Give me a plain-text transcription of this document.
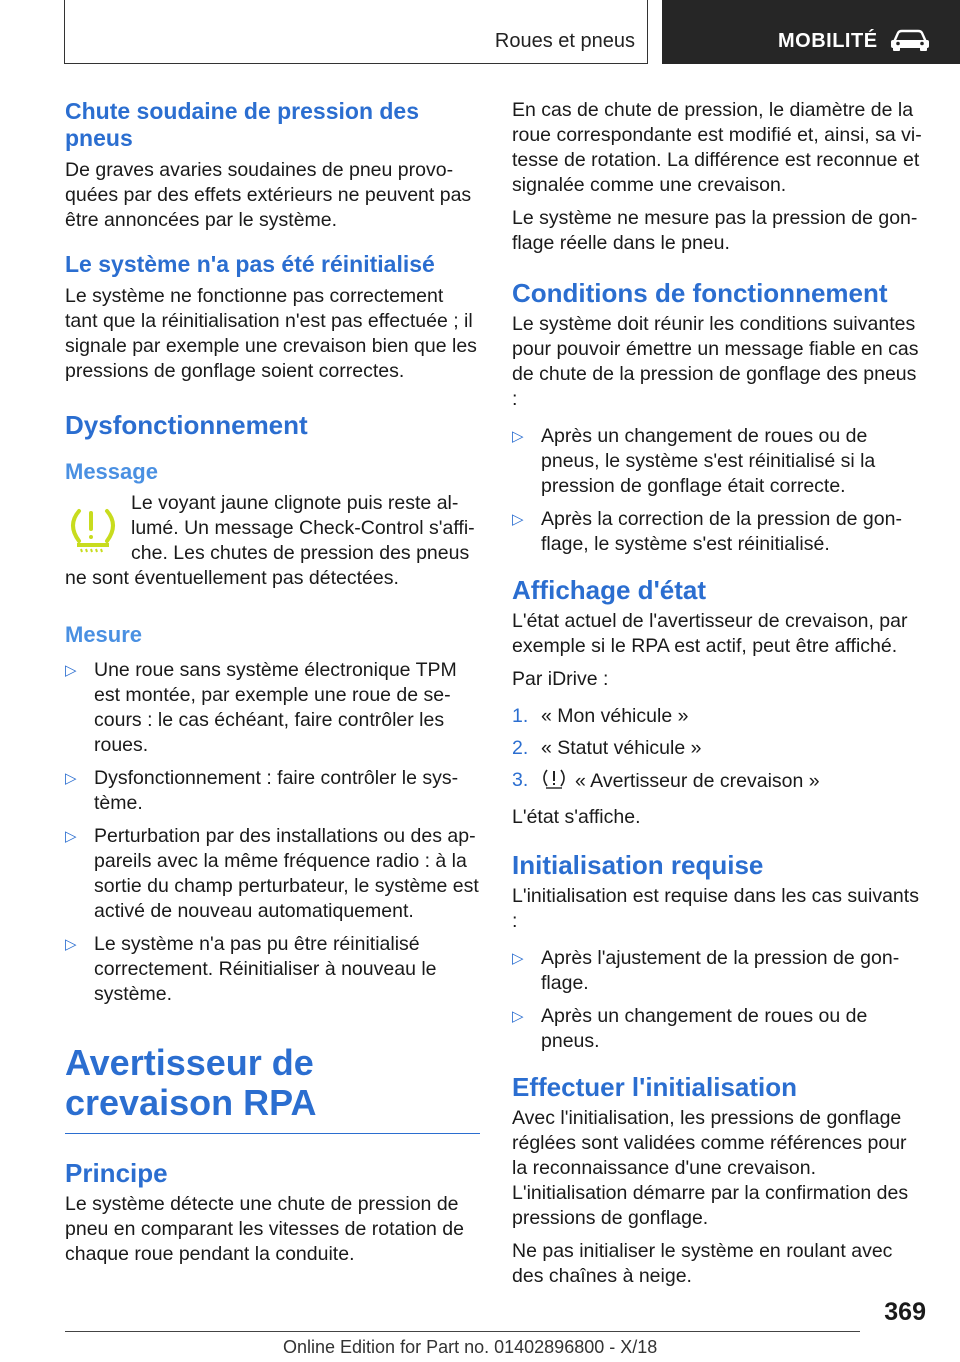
Roues et pneus	MOBILITÉ
Chute soudaine de pression des pneus

De graves avaries soudaines de pneu provoquées par des effets extérieurs ne peuvent pas être annoncées par le système.

Le système n'a pas été réinitialisé

Le système ne fonctionne pas correctement tant que la réinitialisation n'est pas effectuée ; il signale par exemple une crevaison bien que les pressions de gonflage soient correctes.

Dysfonctionnement
Message

Le voyant jaune clignote puis reste allumé. Un message Check-Control s'affiche. Les chutes de pression des pneus ne sont éventuellement pas détectées.

Mesure
▷ Une roue sans système électronique TPM est montée, par exemple une roue de secours : le cas échéant, faire contrôler les roues.
▷ Dysfonctionnement : faire contrôler le système.
▷ Perturbation par des installations ou des appareils avec la même fréquence radio : à la sortie du champ perturbateur, le système est activé de nouveau automatiquement.
▷ Le système n'a pas pu être réinitialisé correctement. Réinitialiser à nouveau le système.
Avertisseur de crevaison RPA
Principe

Le système détecte une chute de pression de pneu en comparant les vitesses de rotation de chaque roue pendant la conduite.

En cas de chute de pression, le diamètre de la roue correspondante est modifié et, ainsi, sa vitesse de rotation. La différence est reconnue et signalée comme une crevaison.

Le système ne mesure pas la pression de gonflage réelle dans le pneu.

Conditions de fonctionnement

Le système doit réunir les conditions suivantes pour pouvoir émettre un message fiable en cas de chute de la pression de gonflage des pneus :

▷ Après un changement de roues ou de pneus, le système s'est réinitialisé si la pression de gonflage était correcte.
▷ Après la correction de la pression de gonflage, le système s'est réinitialisé.
Affichage d'état

L'état actuel de l'avertisseur de crevaison, par exemple si le RPA est actif, peut être affiché.

Par iDrive :

1. « Mon véhicule »
2. « Statut véhicule »
3. « Avertisseur de crevaison »

L'état s'affiche.

Initialisation requise

L'initialisation est requise dans les cas suivants :

▷ Après l'ajustement de la pression de gonflage.
▷ Après un changement de roues ou de pneus.
Effectuer l'initialisation

Avec l'initialisation, les pressions de gonflage réglées sont validées comme références pour la reconnaissance d'une crevaison. L'initialisation démarre par la confirmation des pressions de gonflage.

Ne pas initialiser le système en roulant avec des chaînes à neige.

369
Online Edition for Part no. 01402896800 - X/18
